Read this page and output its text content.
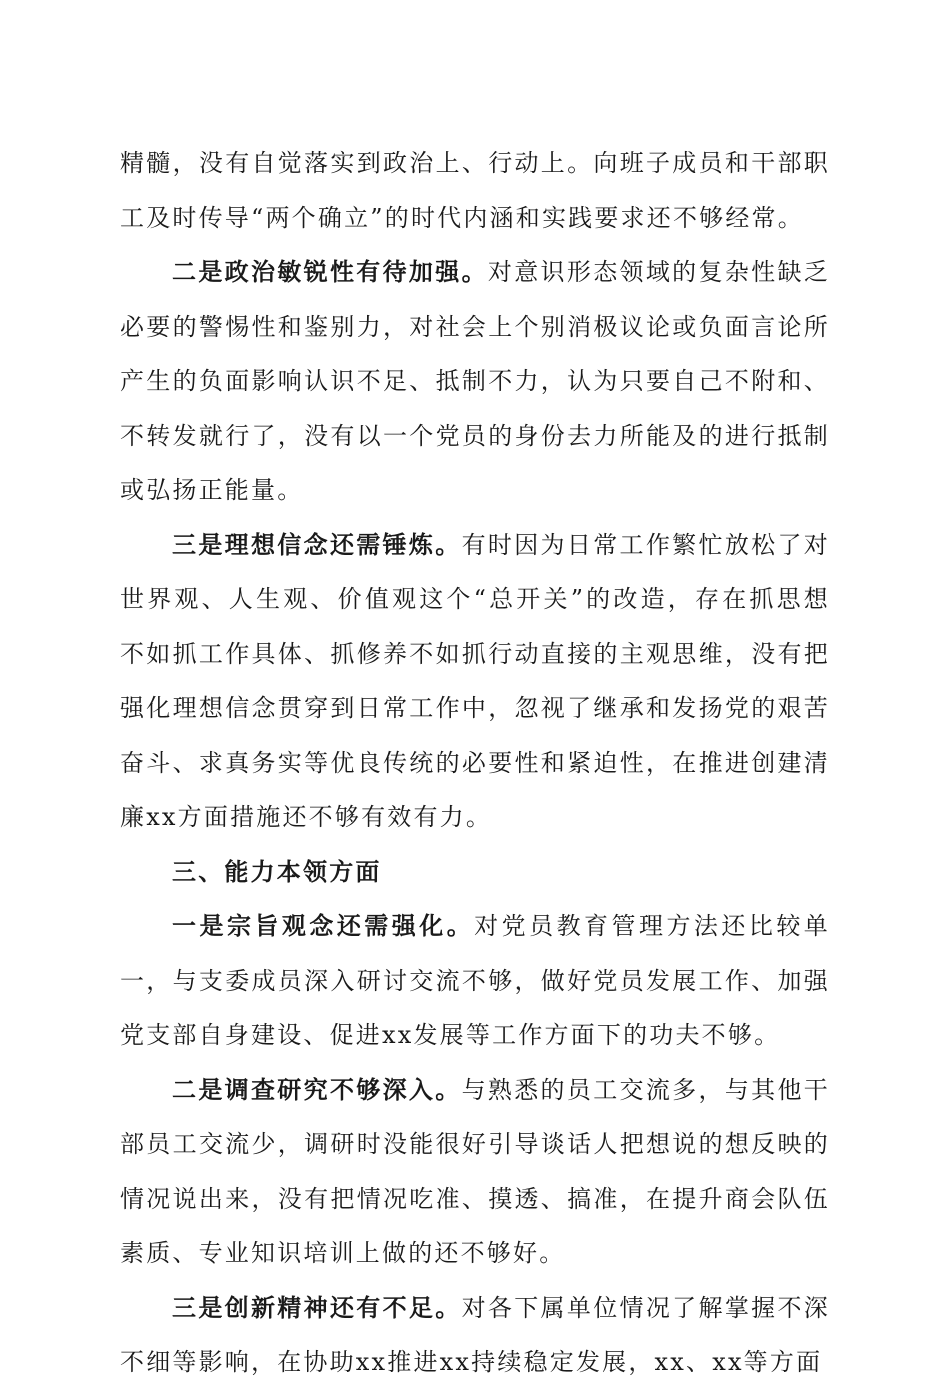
精髓，没有自觉落实到政治上、行动上。向班子成员和干部职工及时传导“两个确立”的时代内涵和实践要求还不够经常。

二是政治敏锐性有待加强。对意识形态领域的复杂性缺乏必要的警惕性和鉴别力，对社会上个别消极议论或负面言论所产生的负面影响认识不足、抵制不力，认为只要自己不附和、不转发就行了，没有以一个党员的身份去力所能及的进行抵制或弘扬正能量。

三是理想信念还需锤炼。有时因为日常工作繁忙放松了对世界观、人生观、价值观这个“总开关”的改造，存在抓思想不如抓工作具体、抓修养不如抓行动直接的主观思维，没有把强化理想信念贯穿到日常工作中，忽视了继承和发扬党的艰苦奋斗、求真务实等优良传统的必要性和紧迫性，在推进创建清廉xx方面措施还不够有效有力。

三、能力本领方面

一是宗旨观念还需强化。对党员教育管理方法还比较单一，与支委成员深入研讨交流不够，做好党员发展工作、加强党支部自身建设、促进xx发展等工作方面下的功夫不够。

二是调查研究不够深入。与熟悉的员工交流多，与其他干部员工交流少，调研时没能很好引导谈话人把想说的想反映的情况说出来，没有把情况吃准、摸透、搞准，在提升商会队伍素质、专业知识培训上做的还不够好。

三是创新精神还有不足。对各下属单位情况了解掌握不深不细等影响，在协助xx推进xx持续稳定发展，xx、xx等方面
